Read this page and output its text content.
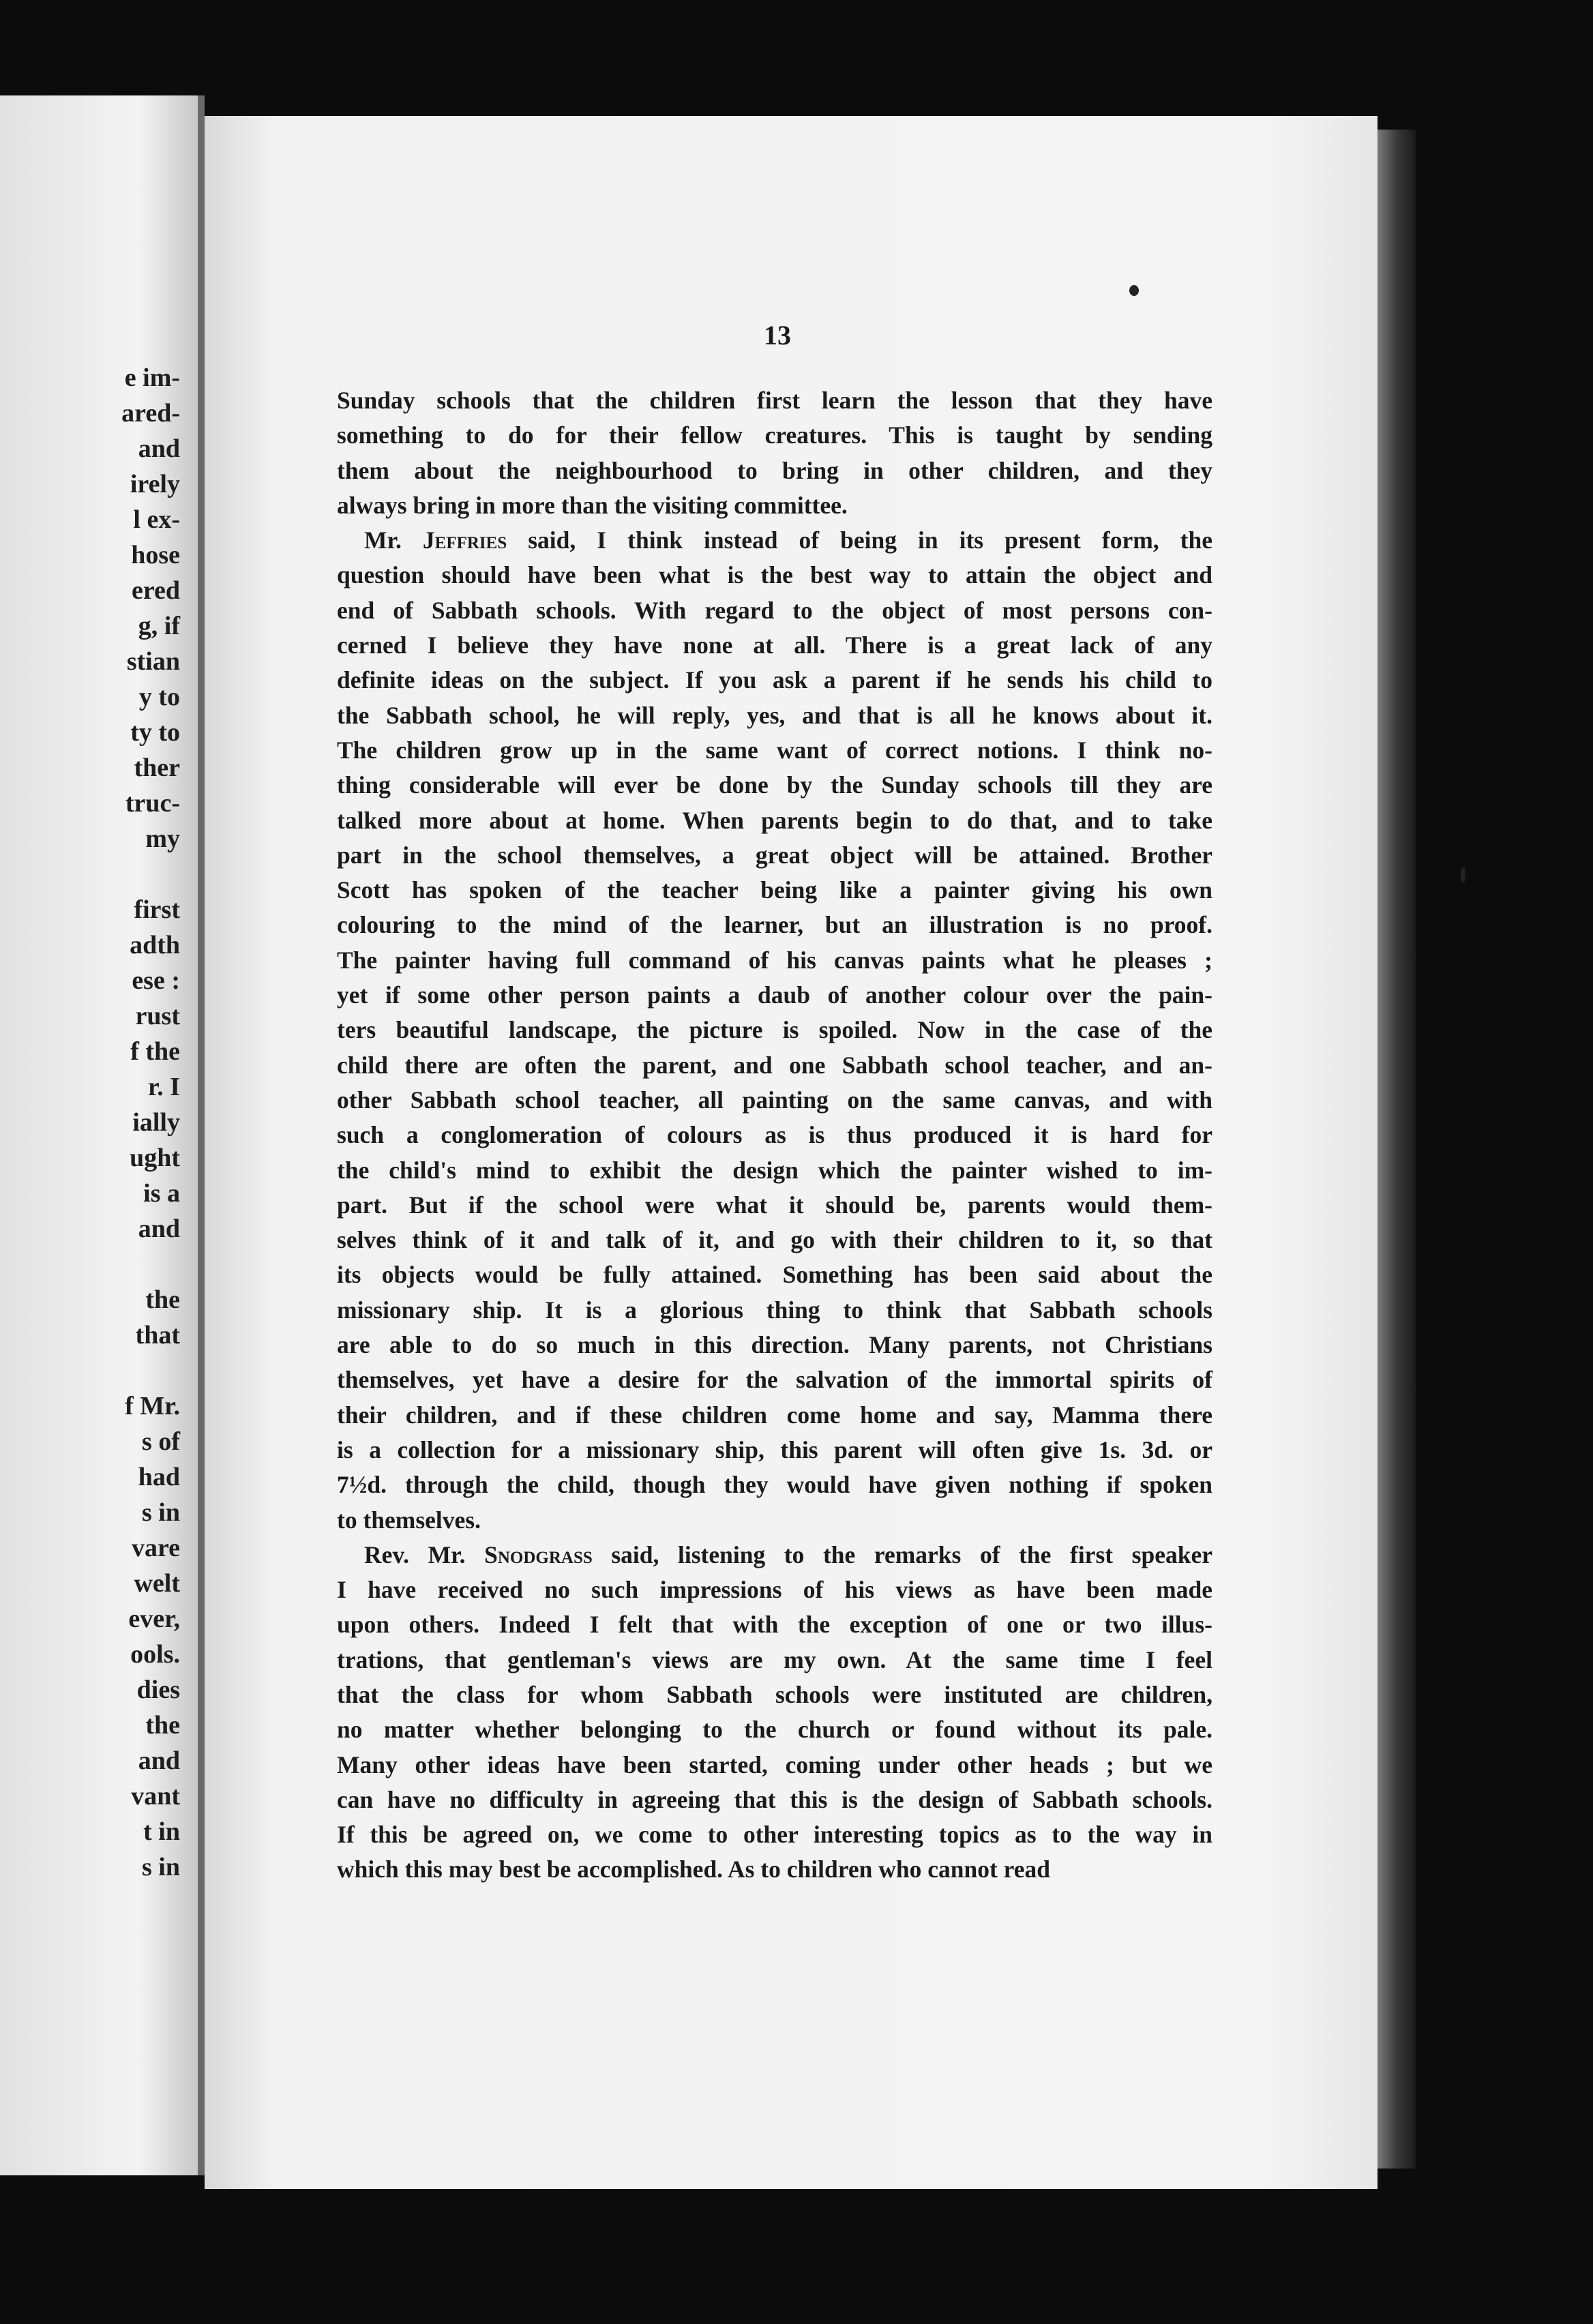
e im-
ared-
and
irely
l ex-
hose
ered
g, if
stian
y to
ty to
ther
truc-
my
first
adth
ese :
rust
f the
r. I
ially
ught
is a
and
the
that
f Mr.
s of
had
s in
vare
welt
ever,
ools.
dies
the
and
vant
t in
s in
13
Sunday schools that the children first learn the lesson that they have
something to do for their fellow creatures. This is taught by sending
them about the neighbourhood to bring in other children, and they
always bring in more than the visiting committee.
Mr. Jeffries said, I think instead of being in its present form, the
question should have been what is the best way to attain the object and
end of Sabbath schools. With regard to the object of most persons con-
cerned I believe they have none at all. There is a great lack of any
definite ideas on the subject. If you ask a parent if he sends his child to
the Sabbath school, he will reply, yes, and that is all he knows about it.
The children grow up in the same want of correct notions. I think no-
thing considerable will ever be done by the Sunday schools till they are
talked more about at home. When parents begin to do that, and to take
part in the school themselves, a great object will be attained. Brother
Scott has spoken of the teacher being like a painter giving his own
colouring to the mind of the learner, but an illustration is no proof.
The painter having full command of his canvas paints what he pleases ;
yet if some other person paints a daub of another colour over the pain-
ters beautiful landscape, the picture is spoiled. Now in the case of the
child there are often the parent, and one Sabbath school teacher, and an-
other Sabbath school teacher, all painting on the same canvas, and with
such a conglomeration of colours as is thus produced it is hard for
the child's mind to exhibit the design which the painter wished to im-
part. But if the school were what it should be, parents would them-
selves think of it and talk of it, and go with their children to it, so that
its objects would be fully attained. Something has been said about the
missionary ship. It is a glorious thing to think that Sabbath schools
are able to do so much in this direction. Many parents, not Christians
themselves, yet have a desire for the salvation of the immortal spirits of
their children, and if these children come home and say, Mamma there
is a collection for a missionary ship, this parent will often give 1s. 3d. or
7½d. through the child, though they would have given nothing if spoken
to themselves.
Rev. Mr. Snodgrass said, listening to the remarks of the first speaker
I have received no such impressions of his views as have been made
upon others. Indeed I felt that with the exception of one or two illus-
trations, that gentleman's views are my own. At the same time I feel
that the class for whom Sabbath schools were instituted are children,
no matter whether belonging to the church or found without its pale.
Many other ideas have been started, coming under other heads ; but we
can have no difficulty in agreeing that this is the design of Sabbath schools.
If this be agreed on, we come to other interesting topics as to the way in
which this may best be accomplished. As to children who cannot read
